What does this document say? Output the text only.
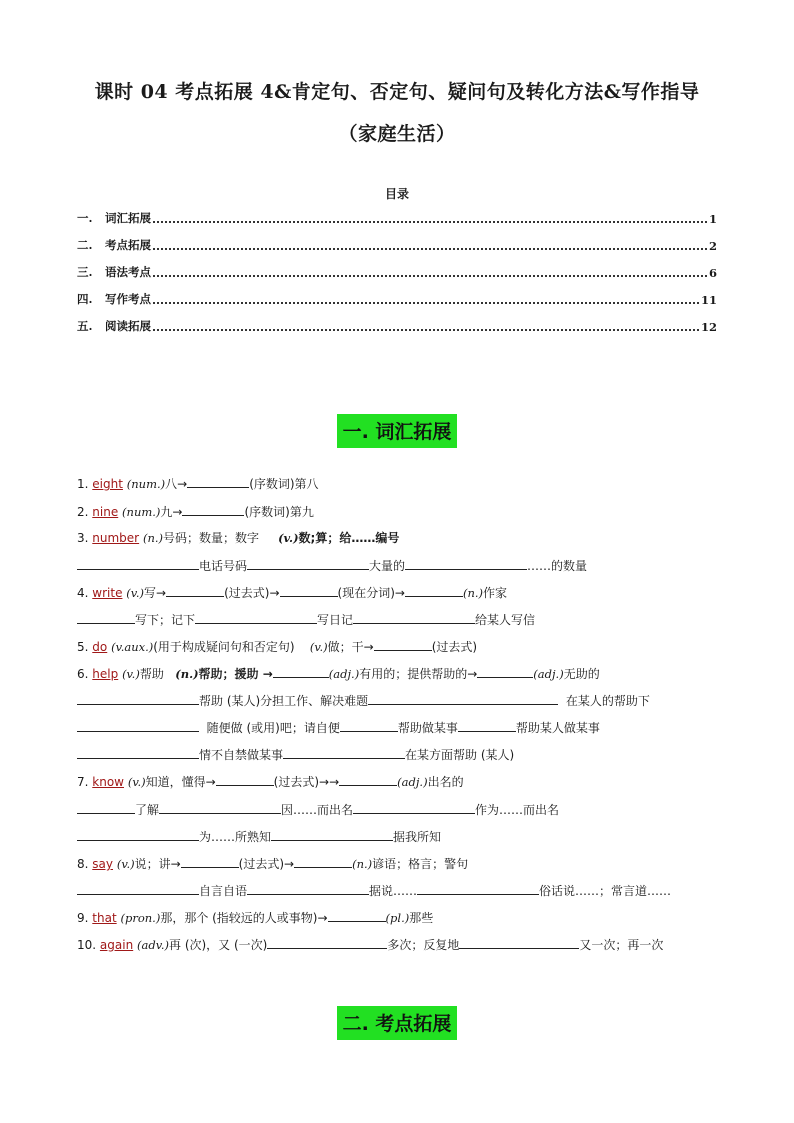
课时 04 考点拓展 4&肯定句、否定句、疑问句及转化方法&写作指导
（家庭生活）
目录
一.	词汇拓展	1
二.	考点拓展	2
三.	语法考点	6
四.	写作考点	11
五.	阅读拓展	12
一. 词汇拓展
1. eight (num.)八→	(序数词)第八
2. nine (num.)九→	(序数词)第九
3. number (n.)号码；数量；数字 (v.)数;算；给……编号
电话号码	大量的	……的数量
4. write (v.)写→	(过去式)→	(现在分词)→	(n.)作家
写下；记下	写日记	给某人写信
5. do (v.aux.)(用于构成疑问句和否定句) (v.)做；干→	(过去式)
6. help (v.)帮助 (n.)帮助；援助 →	(adj.)有用的；提供帮助的→	(adj.)无助的
帮助 (某人)分担工作、解决难题	在某人的帮助下
随便做 (或用)吧；请自便	帮助做某事	帮助某人做某事
情不自禁做某事	在某方面帮助 (某人)
7. know (v.)知道，懂得→	(过去式)→→	(adj.)出名的
了解	因……而出名	作为……而出名
为……所熟知	据我所知
8. say (v.)说；讲→	(过去式)→	(n.)谚语；格言；警句
自言自语	据说……	俗话说……；常言道……
9. that (pron.)那，那个 (指较远的人或事物)→	(pl.)那些
10. again (adv.)再 (次)，又 (一次)	多次；反复地	又一次；再一次
二. 考点拓展
